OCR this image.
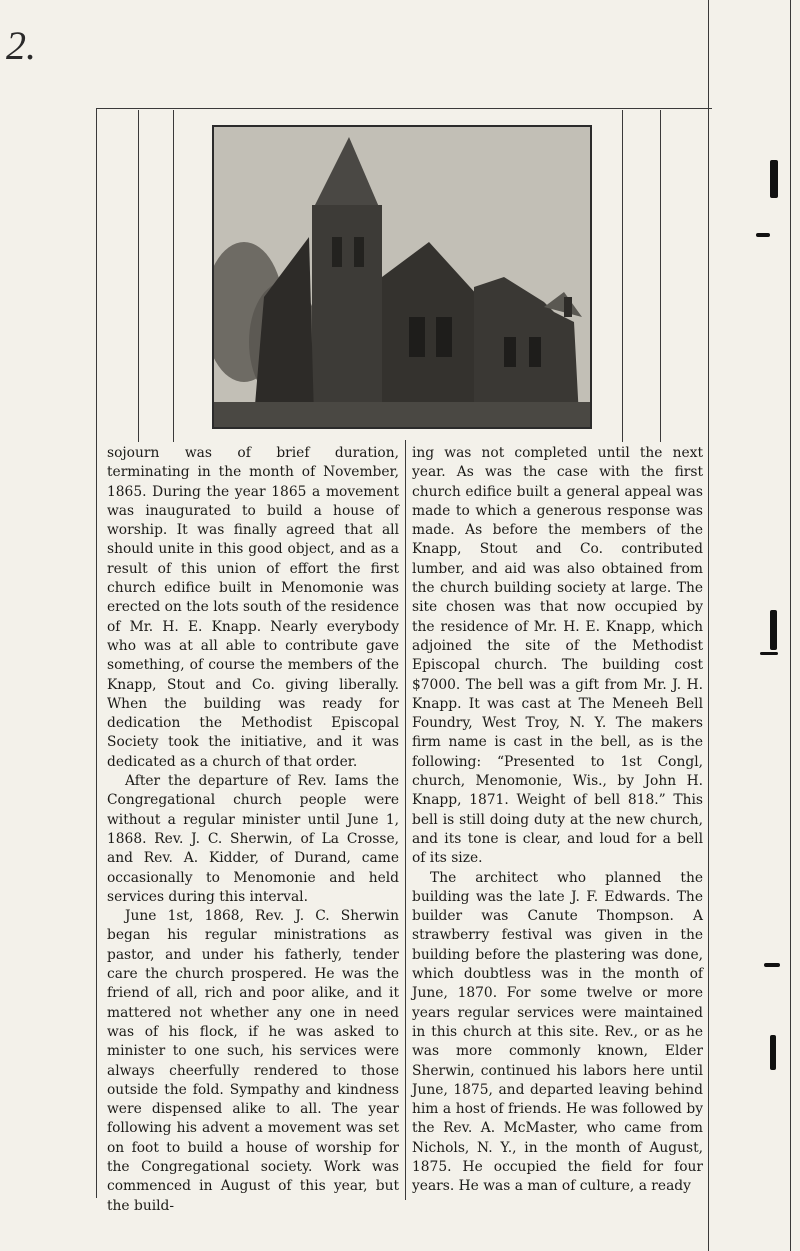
2.

sojourn was of brief duration, terminating in the month of November, 1865. During the year 1865 a movement was inaugurated to build a house of worship. It was finally agreed that all should unite in this good object, and as a result of this union of effort the first church edifice built in Menomonie was erected on the lots south of the residence of Mr. H. E. Knapp. Nearly everybody who was at all able to contribute gave something, of course the members of the Knapp, Stout and Co. giving liberally. When the building was ready for dedication the Methodist Episcopal Society took the initiative, and it was dedicated as a church of that order.

After the departure of Rev. Iams the Congregational church people were without a regular minister until June 1, 1868. Rev. J. C. Sherwin, of La Crosse, and Rev. A. Kidder, of Durand, came occasionally to Menomonie and held services during this interval.

June 1st, 1868, Rev. J. C. Sherwin began his regular ministrations as pastor, and under his fatherly, tender care the church prospered. He was the friend of all, rich and poor alike, and it mattered not whether any one in need was of his flock, if he was asked to minister to one such, his services were always cheerfully rendered to those outside the fold. Sympathy and kindness were dispensed alike to all. The year following his advent a movement was set on foot to build a house of worship for the Congregational society. Work was commenced in August of this year, but the build-

ing was not completed until the next year. As was the case with the first church edifice built a general appeal was made to which a generous response was made. As before the members of the Knapp, Stout and Co. contributed lumber, and aid was also obtained from the church building society at large. The site chosen was that now occupied by the residence of Mr. H. E. Knapp, which adjoined the site of the Methodist Episcopal church. The building cost $7000. The bell was a gift from Mr. J. H. Knapp. It was cast at The Meneeh Bell Foundry, West Troy, N. Y. The makers firm name is cast in the bell, as is the following: “Presented to 1st Congl, church, Menomonie, Wis., by John H. Knapp, 1871. Weight of bell 818.” This bell is still doing duty at the new church, and its tone is clear, and loud for a bell of its size.

The architect who planned the building was the late J. F. Edwards. The builder was Canute Thompson. A strawberry festival was given in the building before the plastering was done, which doubtless was in the month of June, 1870. For some twelve or more years regular services were maintained in this church at this site. Rev., or as he was more commonly known, Elder Sherwin, continued his labors here until June, 1875, and departed leaving behind him a host of friends. He was followed by the Rev. A. McMaster, who came from Nichols, N. Y., in the month of August, 1875. He occupied the field for four years. He was a man of culture, a ready
